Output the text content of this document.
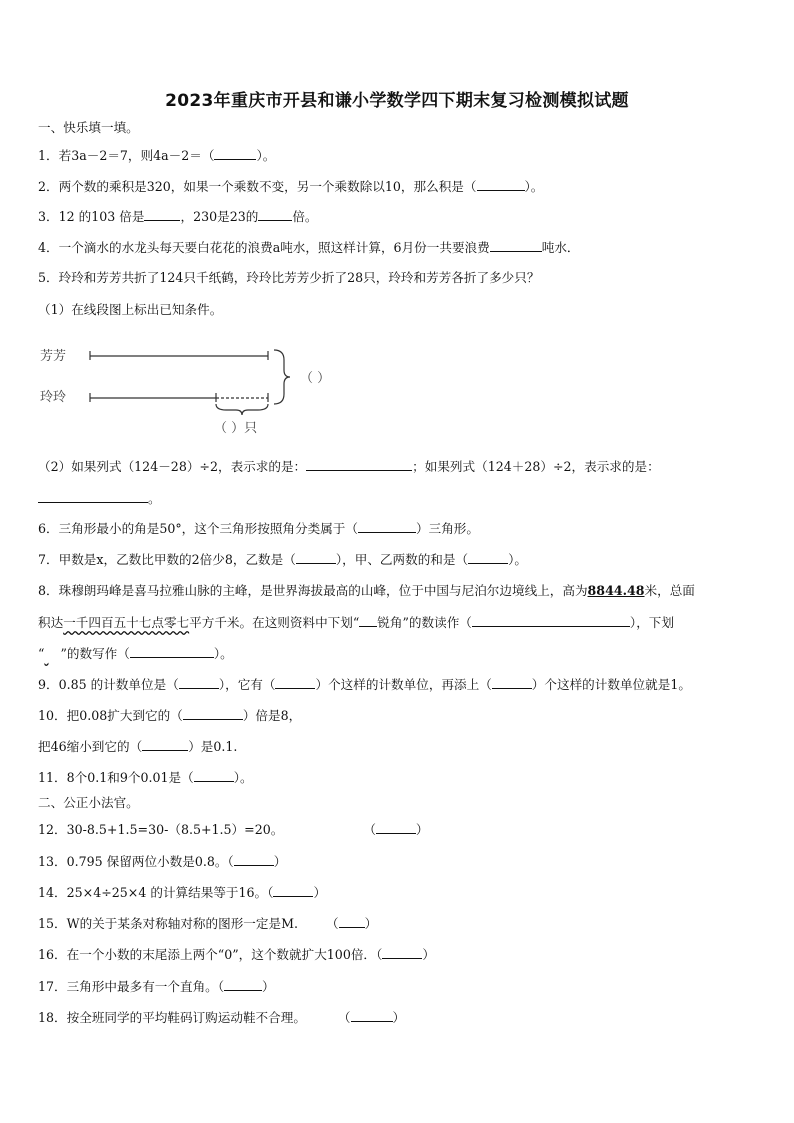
2023年重庆市开县和谦小学数学四下期末复习检测模拟试题
一、快乐填一填。
1．若3a－2＝7，则4a－2＝（	）。
2．两个数的乘积是320，如果一个乘数不变，另一个乘数除以10，那么积是（	）。
3．12 的103 倍是	，230是23的	倍。
4．一个滴水的水龙头每天要白花花的浪费a吨水，照这样计算，6月份一共要浪费	吨水．
5．玲玲和芳芳共折了124只千纸鹤，玲玲比芳芳少折了28只，玲玲和芳芳各折了多少只？
（1）在线段图上标出已知条件。
芳芳
玲玲
（ ）
（ ）只
（2）如果列式（124－28）÷2，表示求的是：	；如果列式（124＋28）÷2，表示求的是：
。
6．三角形最小的角是50°，这个三角形按照角分类属于（	）三角形。
7．甲数是x，乙数比甲数的2倍少8，乙数是（	），甲、乙两数的和是（	）。
8．珠穆朗玛峰是喜马拉雅山脉的主峰，是世界海拔最高的山峰，位于中国与尼泊尔边境线上，高为8844.48米，总面
积达一千四百五十七点零七平方千米。在这则资料中下划“ 锐角”的数读作（	），下划
“ ”的数写作（	）。
9．0.85 的计数单位是（	），它有（	）个这样的计数单位，再添上（	）个这样的计数单位就是1。
10．把0.08扩大到它的（	）倍是8，
把46缩小到它的（	）是0.1.
11．8个0.1和9个0.01是（	）。
二、公正小法官。
12．30-8.5+1.5=30-（8.5+1.5）=20。	（	）
13．0.795 保留两位小数是0.8。（	）
14．25×4÷25×4 的计算结果等于16。（	）
15．W的关于某条对称轴对称的图形一定是M. （ ）
16．在一个小数的末尾添上两个“0”，这个数就扩大100倍．（	）
17．三角形中最多有一个直角。（	）
18．按全班同学的平均鞋码订购运动鞋不合理。	（	）
